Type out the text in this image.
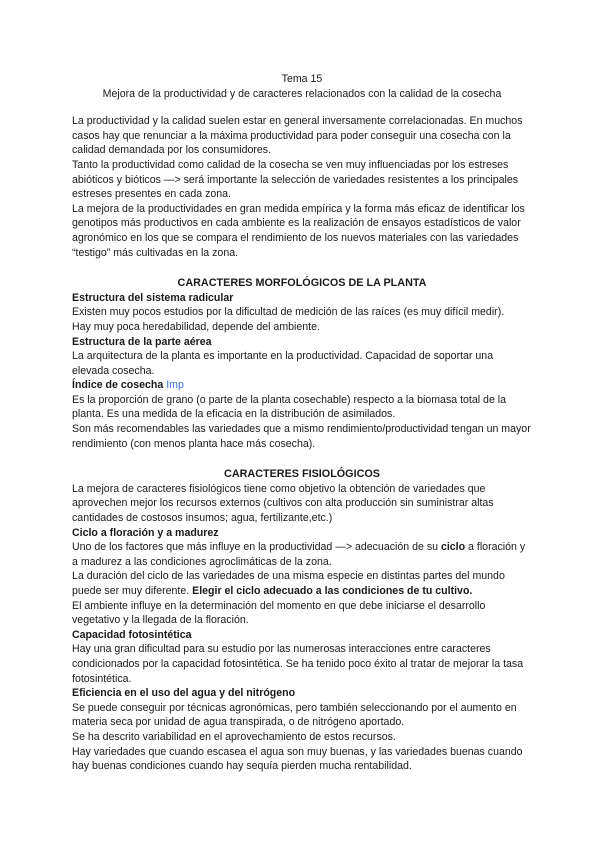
Tema 15

Mejora de la productividad y de caracteres relacionados con la calidad de la cosecha

La productividad y la calidad suelen estar en general inversamente correlacionadas. En muchos casos hay que renunciar a la máxima productividad para poder conseguir una cosecha con la calidad demandada por los consumidores.

Tanto la productividad como calidad de la cosecha se ven muy influenciadas por los estreses abióticos y bióticos —> será importante la selección de variedades resistentes a los principales estreses presentes en cada zona.

La mejora de la productividades en gran medida empírica y la forma más eficaz de identificar los genotipos más productivos en cada ambiente es la realización de ensayos estadísticos de valor agronómico en los que se compara el rendimiento de los nuevos materiales con las variedades “testigo” más cultivadas en la zona.

CARACTERES MORFOLÓGICOS DE LA PLANTA
Estructura del sistema radicular

Existen muy pocos estudios por la dificultad de medición de las raíces (es muy difícil medir).

Hay muy poca heredabilidad, depende del ambiente.

Estructura de la parte aérea

La arquitectura de la planta es importante en la productividad. Capacidad de soportar una elevada cosecha.

Índice de cosecha Imp

Es la proporción de grano (o parte de la planta cosechable) respecto a la biomasa total de la planta. Es una medida de la eficacia en la distribución de asimilados.

Son más recomendables las variedades que a mismo rendimiento/productividad tengan un mayor rendimiento (con menos planta hace más cosecha).

CARACTERES FISIOLÓGICOS

La mejora de caracteres fisiológicos tiene como objetivo la obtención de variedades que aprovechen mejor los recursos externos (cultivos con alta producción sin suministrar altas cantidades de costosos insumos; agua, fertilizante,etc.)

Ciclo a floración y a madurez

Uno de los factores que más influye en la productividad —> adecuación de su ciclo a floración y a madurez a las condiciones agroclimáticas de la zona.

La duración del ciclo de las variedades de una misma especie en distintas partes del mundo puede ser muy diferente. Elegir el ciclo adecuado a las condiciones de tu cultivo.

El ambiente influye en la determinación del momento en que debe iniciarse el desarrollo vegetativo y la llegada de la floración.

Capacidad fotosintética

Hay una gran dificultad para su estudio por las numerosas interacciones entre caracteres condicionados por la capacidad fotosintética. Se ha tenido poco éxito al tratar de mejorar la tasa fotosintética.

Eficiencia en el uso del agua y del nitrógeno

Se puede conseguir por técnicas agronómicas, pero también seleccionando por el aumento en materia seca por unidad de agua transpirada, o de nitrógeno aportado.

Se ha descrito variabilidad en el aprovechamiento de estos recursos.

Hay variedades que cuando escasea el agua son muy buenas, y las variedades buenas cuando hay buenas condiciones cuando hay sequía pierden mucha rentabilidad.
